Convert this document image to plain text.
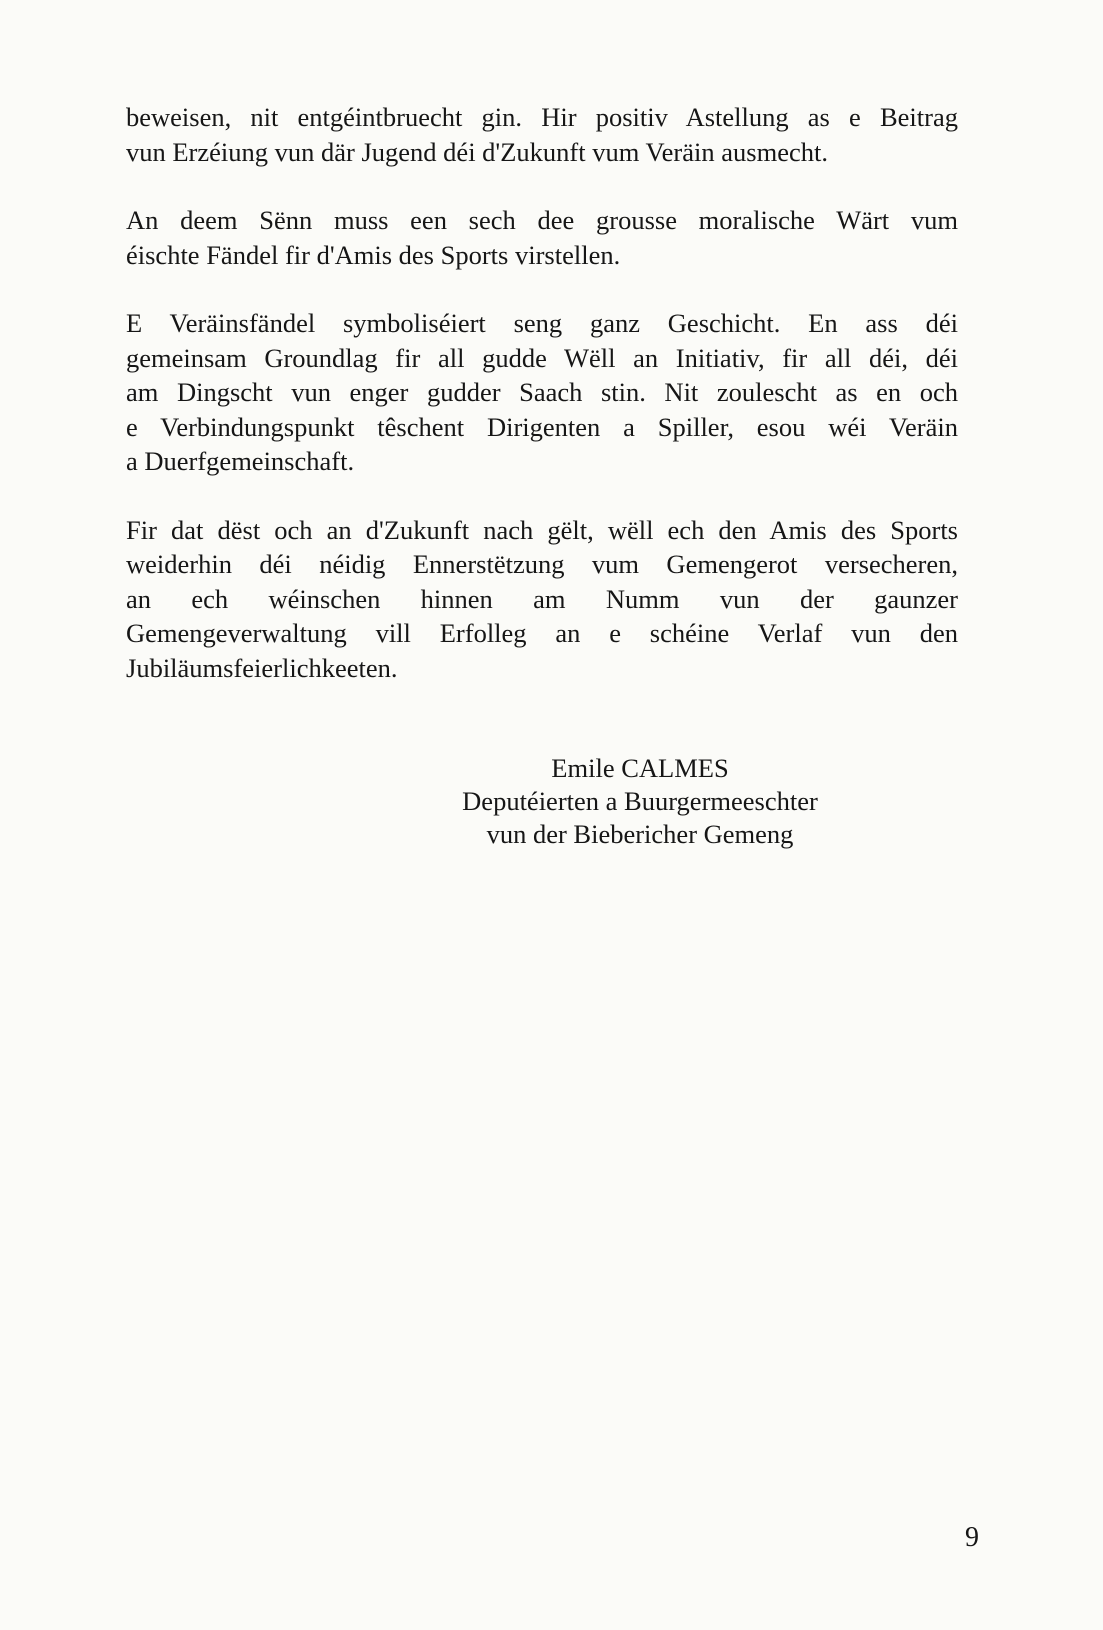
beweisen, nit entgéintbruecht gin. Hir positiv Astellung as e Beitrag
vun Erzéiung vun där Jugend déi d'Zukunft vum Veräin ausmecht.

An deem Sënn muss een sech dee grousse moralische Wärt vum
éischte Fändel fir d'Amis des Sports virstellen.

E Veräinsfändel symboliséiert seng ganz Geschicht. En ass déi
gemeinsam Groundlag fir all gudde Wëll an Initiativ, fir all déi, déi
am Dingscht vun enger gudder Saach stin. Nit zoulescht as en och
e Verbindungspunkt têschent Dirigenten a Spiller, esou wéi Veräin
a Duerfgemeinschaft.

Fir dat dëst och an d'Zukunft nach gëlt, wëll ech den Amis des Sports
weiderhin déi néidig Ennerstëtzung vum Gemengerot versecheren,
an ech wéinschen hinnen am Numm vun der gaunzer
Gemengeverwaltung vill Erfolleg an e schéine Verlaf vun den
Jubiläumsfeierlichkeeten.

Emile CALMES
Deputéierten a Buurgermeeschter
vun der Biebericher Gemeng
9
